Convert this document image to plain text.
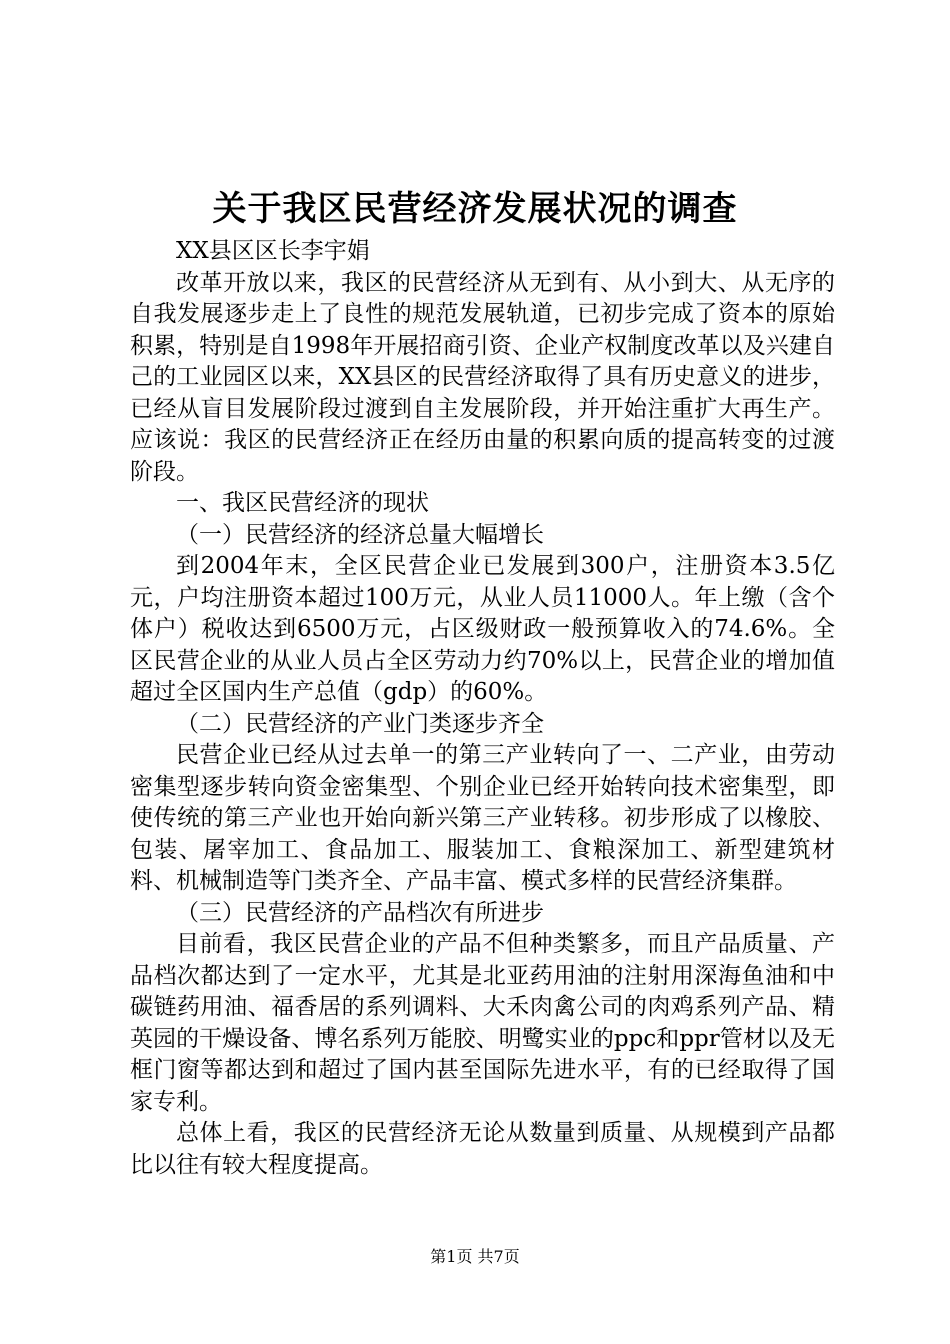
关于我区民营经济发展状况的调查

XX县区区长李宇娟

改革开放以来，我区的民营经济从无到有、从小到大、从无序的自我发展逐步走上了良性的规范发展轨道，已初步完成了资本的原始积累，特别是自1998年开展招商引资、企业产权制度改革以及兴建自己的工业园区以来，XX县区的民营经济取得了具有历史意义的进步，已经从盲目发展阶段过渡到自主发展阶段，并开始注重扩大再生产。应该说：我区的民营经济正在经历由量的积累向质的提高转变的过渡阶段。

一、我区民营经济的现状

（一）民营经济的经济总量大幅增长

到2004年末，全区民营企业已发展到300户，注册资本3.5亿元，户均注册资本超过100万元，从业人员11000人。年上缴（含个体户）税收达到6500万元，占区级财政一般预算收入的74.6%。全区民营企业的从业人员占全区劳动力约70%以上，民营企业的增加值超过全区国内生产总值（gdp）的60%。

（二）民营经济的产业门类逐步齐全

民营企业已经从过去单一的第三产业转向了一、二产业，由劳动密集型逐步转向资金密集型、个别企业已经开始转向技术密集型，即使传统的第三产业也开始向新兴第三产业转移。初步形成了以橡胶、包装、屠宰加工、食品加工、服装加工、食粮深加工、新型建筑材料、机械制造等门类齐全、产品丰富、模式多样的民营经济集群。

（三）民营经济的产品档次有所进步

目前看，我区民营企业的产品不但种类繁多，而且产品质量、产品档次都达到了一定水平，尤其是北亚药用油的注射用深海鱼油和中碳链药用油、福香居的系列调料、大禾肉禽公司的肉鸡系列产品、精英园的干燥设备、博名系列万能胶、明鹭实业的ppc和ppr管材以及无框门窗等都达到和超过了国内甚至国际先进水平，有的已经取得了国家专利。

总体上看，我区的民营经济无论从数量到质量、从规模到产品都比以往有较大程度提高。

第1页 共7页
